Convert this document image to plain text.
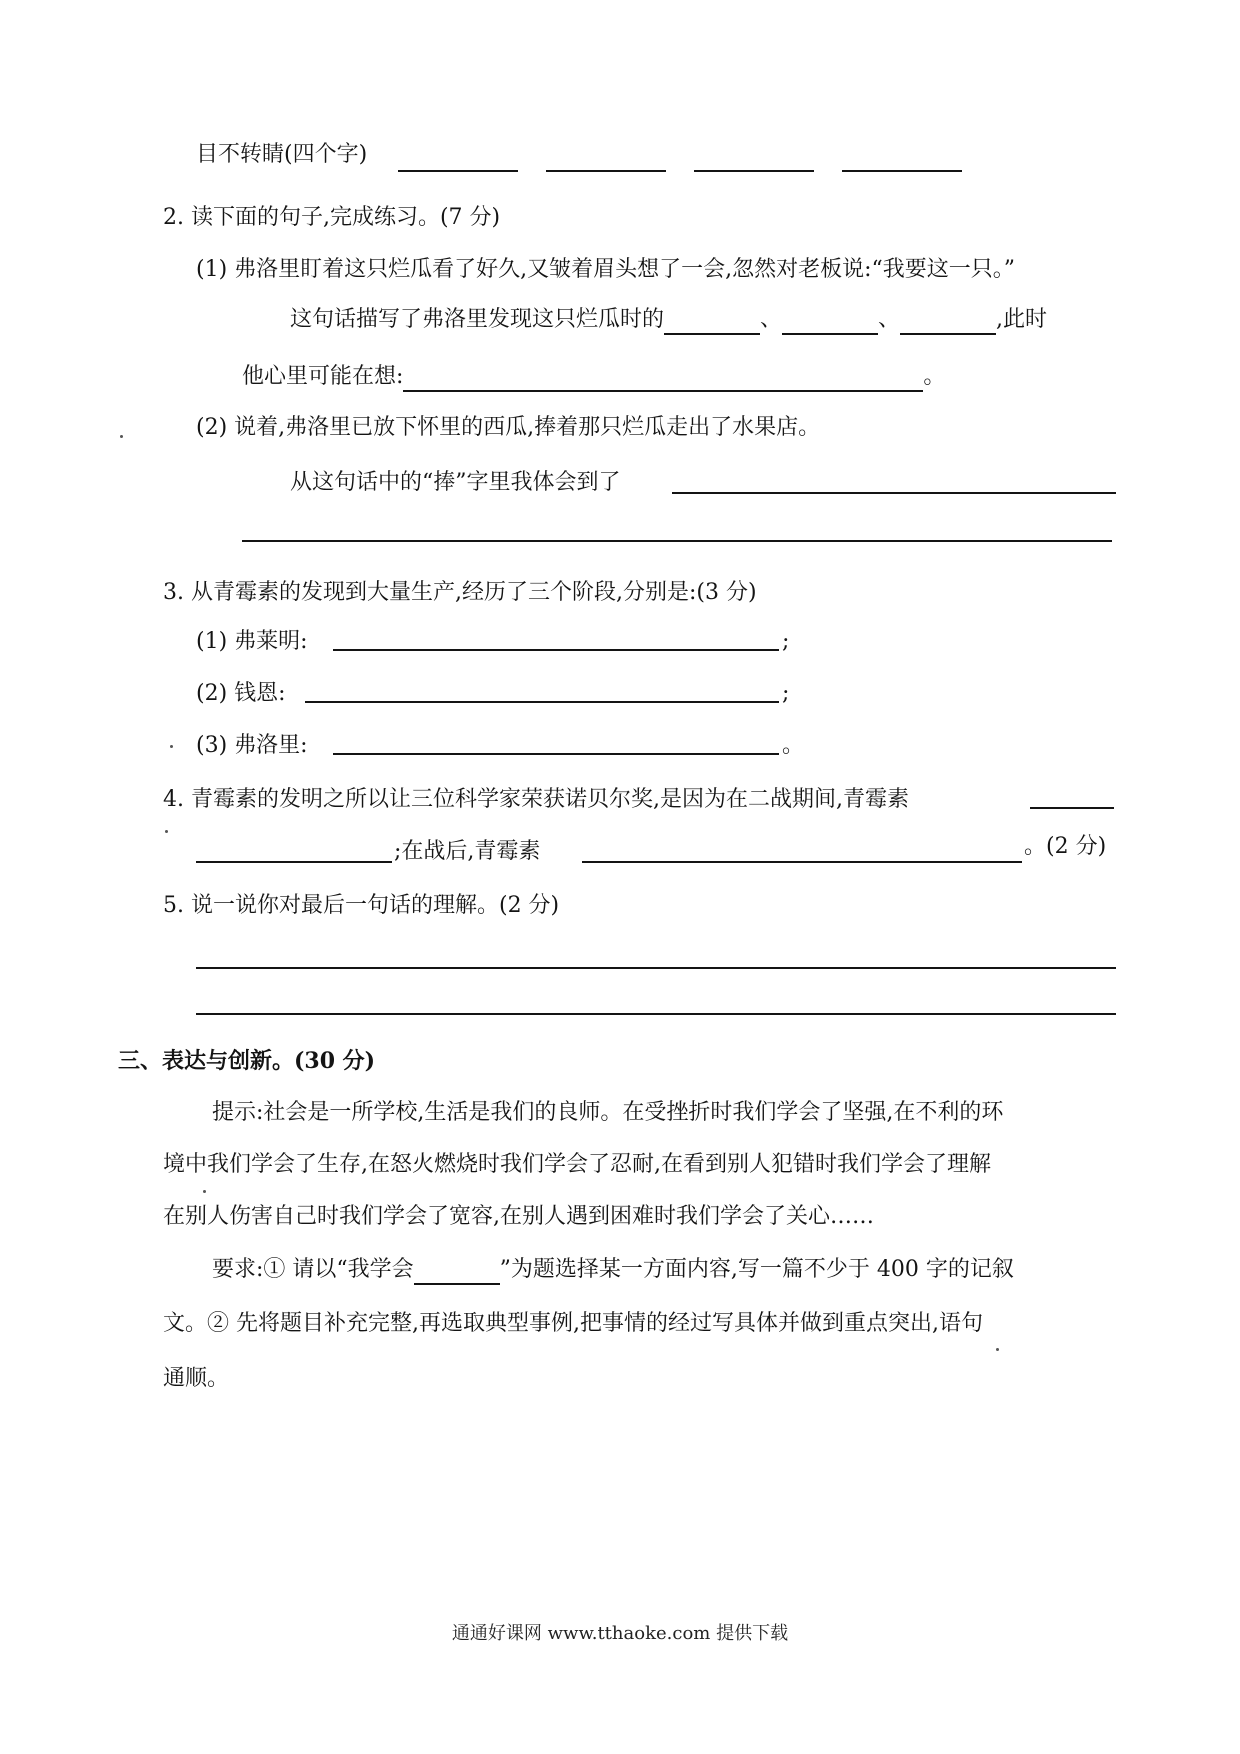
目不转睛(四个字)
2. 读下面的句子,完成练习。(7 分)
(1) 弗洛里盯着这只烂瓜看了好久,又皱着眉头想了一会,忽然对老板说:“我要这一只。”
这句话描写了弗洛里发现这只烂瓜时的	、	、	,此时
他心里可能在想:	。
(2) 说着,弗洛里已放下怀里的西瓜,捧着那只烂瓜走出了水果店。
从这句话中的“捧”字里我体会到了
3. 从青霉素的发现到大量生产,经历了三个阶段,分别是:(3 分)
(1) 弗莱明:	;
(2) 钱恩:	;
(3) 弗洛里:	。
4. 青霉素的发明之所以让三位科学家荣获诺贝尔奖,是因为在二战期间,青霉素
;在战后,青霉素	。(2 分)
5. 说一说你对最后一句话的理解。(2 分)
三、表达与创新。(30 分)
提示:社会是一所学校,生活是我们的良师。在受挫折时我们学会了坚强,在不利的环
境中我们学会了生存,在怒火燃烧时我们学会了忍耐,在看到别人犯错时我们学会了理解
在别人伤害自己时我们学会了宽容,在别人遇到困难时我们学会了关心……
要求:① 请以“我学会	”为题选择某一方面内容,写一篇不少于 400 字的记叙
文。② 先将题目补充完整,再选取典型事例,把事情的经过写具体并做到重点突出,语句
通顺。
通通好课网 www.tthaoke.com 提供下载
